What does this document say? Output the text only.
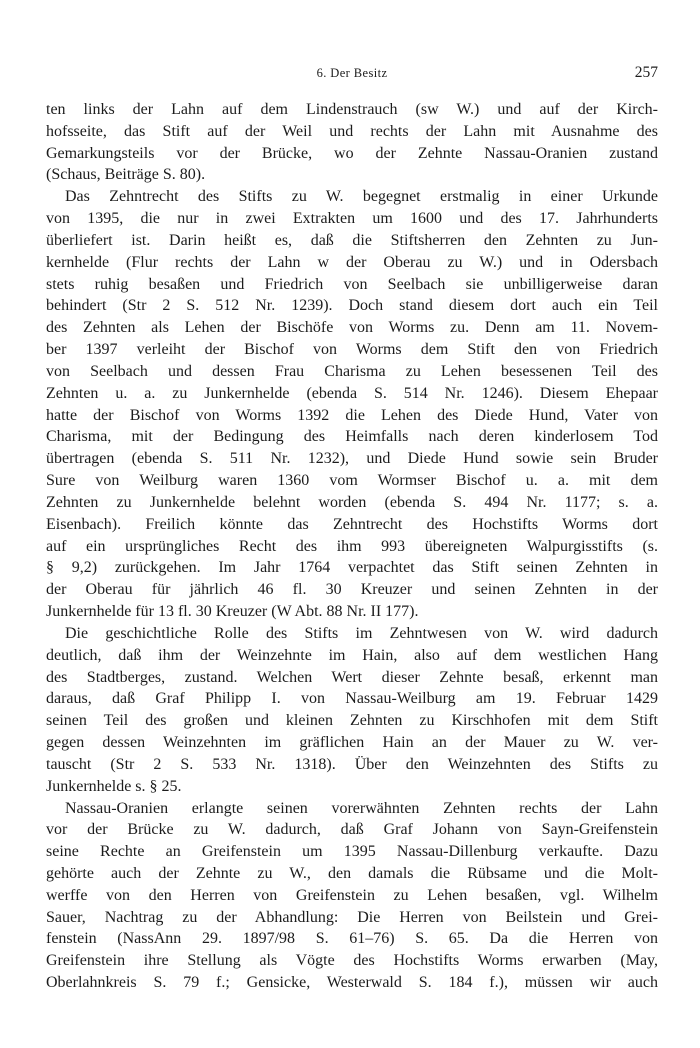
6. Der Besitz	257
ten links der Lahn auf dem Lindenstrauch (sw W.) und auf der Kirch-
hofsseite, das Stift auf der Weil und rechts der Lahn mit Ausnahme des
Gemarkungsteils vor der Brücke, wo der Zehnte Nassau-Oranien zustand
(Schaus, Beiträge S. 80).
Das Zehntrecht des Stifts zu W. begegnet erstmalig in einer Urkunde
von 1395, die nur in zwei Extrakten um 1600 und des 17. Jahrhunderts
überliefert ist. Darin heißt es, daß die Stiftsherren den Zehnten zu Jun-
kernhelde (Flur rechts der Lahn w der Oberau zu W.) und in Odersbach
stets ruhig besaßen und Friedrich von Seelbach sie unbilligerweise daran
behindert (Str 2 S. 512 Nr. 1239). Doch stand diesem dort auch ein Teil
des Zehnten als Lehen der Bischöfe von Worms zu. Denn am 11. Novem-
ber 1397 verleiht der Bischof von Worms dem Stift den von Friedrich
von Seelbach und dessen Frau Charisma zu Lehen besessenen Teil des
Zehnten u. a. zu Junkernhelde (ebenda S. 514 Nr. 1246). Diesem Ehepaar
hatte der Bischof von Worms 1392 die Lehen des Diede Hund, Vater von
Charisma, mit der Bedingung des Heimfalls nach deren kinderlosem Tod
übertragen (ebenda S. 511 Nr. 1232), und Diede Hund sowie sein Bruder
Sure von Weilburg waren 1360 vom Wormser Bischof u. a. mit dem
Zehnten zu Junkernhelde belehnt worden (ebenda S. 494 Nr. 1177; s. a.
Eisenbach). Freilich könnte das Zehntrecht des Hochstifts Worms dort
auf ein ursprüngliches Recht des ihm 993 übereigneten Walpurgisstifts (s.
§ 9,2) zurückgehen. Im Jahr 1764 verpachtet das Stift seinen Zehnten in
der Oberau für jährlich 46 fl. 30 Kreuzer und seinen Zehnten in der
Junkernhelde für 13 fl. 30 Kreuzer (W Abt. 88 Nr. II 177).
Die geschichtliche Rolle des Stifts im Zehntwesen von W. wird dadurch
deutlich, daß ihm der Weinzehnte im Hain, also auf dem westlichen Hang
des Stadtberges, zustand. Welchen Wert dieser Zehnte besaß, erkennt man
daraus, daß Graf Philipp I. von Nassau-Weilburg am 19. Februar 1429
seinen Teil des großen und kleinen Zehnten zu Kirschhofen mit dem Stift
gegen dessen Weinzehnten im gräflichen Hain an der Mauer zu W. ver-
tauscht (Str 2 S. 533 Nr. 1318). Über den Weinzehnten des Stifts zu
Junkernhelde s. § 25.
Nassau-Oranien erlangte seinen vorerwähnten Zehnten rechts der Lahn
vor der Brücke zu W. dadurch, daß Graf Johann von Sayn-Greifenstein
seine Rechte an Greifenstein um 1395 Nassau-Dillenburg verkaufte. Dazu
gehörte auch der Zehnte zu W., den damals die Rübsame und die Molt-
werffe von den Herren von Greifenstein zu Lehen besaßen, vgl. Wilhelm
Sauer, Nachtrag zu der Abhandlung: Die Herren von Beilstein und Grei-
fenstein (NassAnn 29. 1897/98 S. 61–76) S. 65. Da die Herren von
Greifenstein ihre Stellung als Vögte des Hochstifts Worms erwarben (May,
Oberlahnkreis S. 79 f.; Gensicke, Westerwald S. 184 f.), müssen wir auch
